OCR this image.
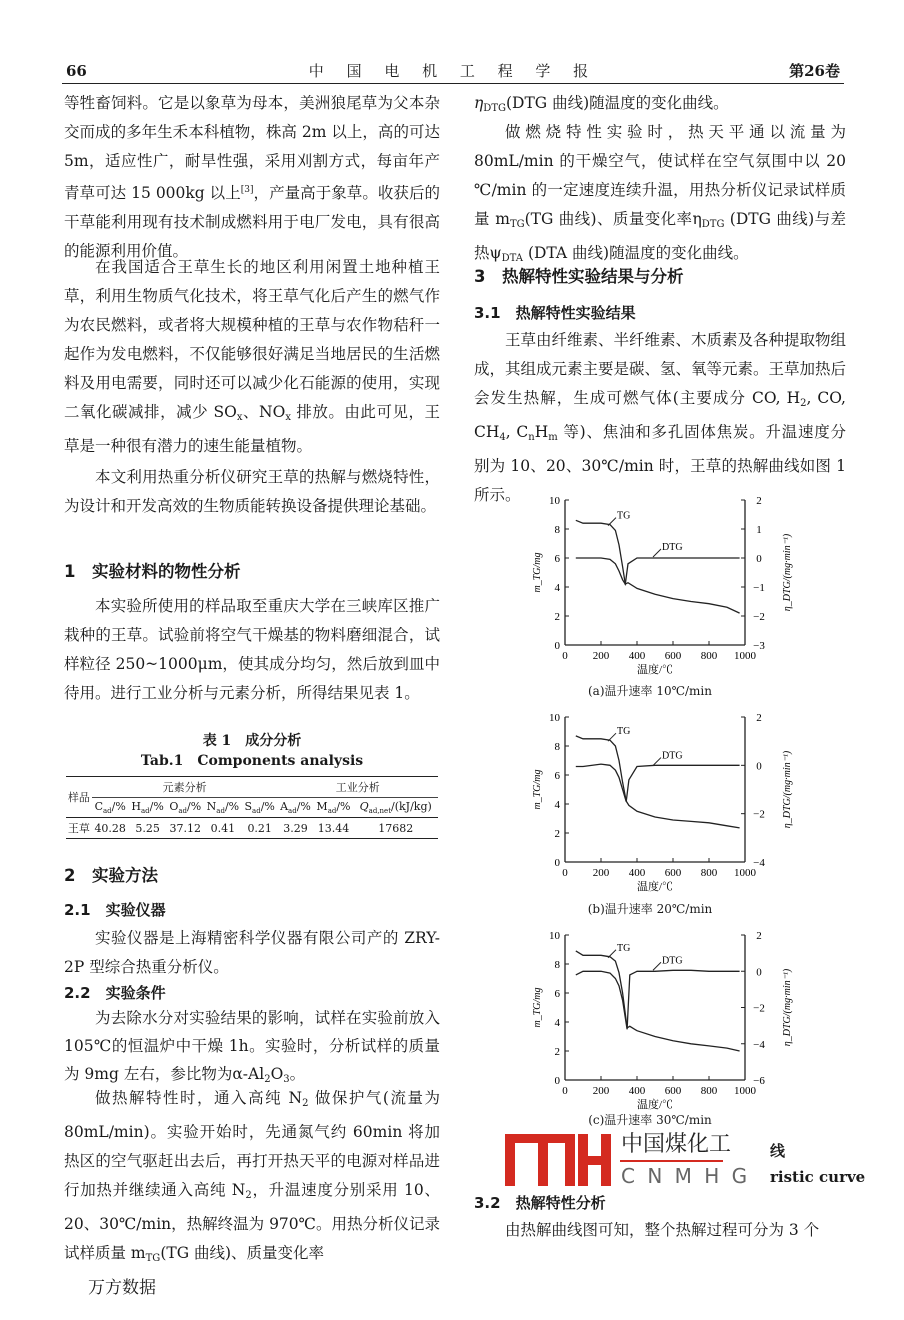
66	中 国 电 机 工 程 学 报	第26卷
等牲畜饲料。它是以象草为母本，美洲狼尾草为父本杂交而成的多年生禾本科植物，株高 2m 以上，高的可达 5m，适应性广，耐旱性强，采用刈割方式，每亩年产青草可达 15 000kg 以上[3]，产量高于象草。收获后的干草能利用现有技术制成燃料用于电厂发电，具有很高的能源利用价值。
在我国适合王草生长的地区利用闲置土地种植王草，利用生物质气化技术，将王草气化后产生的燃气作为农民燃料，或者将大规模种植的王草与农作物秸秆一起作为发电燃料，不仅能够很好满足当地居民的生活燃料及用电需要，同时还可以减少化石能源的使用，实现二氧化碳减排，减少 $SO_x$、$NO_x$ 排放。由此可见，王草是一种很有潜力的速生能量植物。
本文利用热重分析仪研究王草的热解与燃烧特性，为设计和开发高效的生物质能转换设备提供理论基础。
1　实验材料的物性分析
本实验所使用的样品取至重庆大学在三峡库区推广栽种的王草。试验前将空气干燥基的物料磨细混合，试样粒径 250~1000μm，使其成分均匀，然后放到皿中待用。进行工业分析与元素分析，所得结果见表 1。
表 1　成分分析
Tab.1　Components analysis
样品	元素分析					工业分析		
	$C_{ad}/\%$	$H_{ad}/\%$	$O_{ad}/\%$	$N_{ad}/\%$	$S_{ad}/\%$	$A_{ad}/\%$	$M_{ad}/\%$	$Q_{ad,net}/(kJ/kg)$
王草	40.28	5.25	37.12	0.41	0.21	3.29	13.44	17682
2　实验方法
2.1　实验仪器
实验仪器是上海精密科学仪器有限公司产的 ZRY-2P 型综合热重分析仪。
2.2　实验条件
为去除水分对实验结果的影响，试样在实验前放入 105℃的恒温炉中干燥 1h。实验时，分析试样的质量为 9mg 左右，参比物为$\alpha-Al_2O_3$。
做热解特性时，通入高纯 $N_2$ 做保护气(流量为 80mL/min)。实验开始时，先通氮气约 60min 将加热区的空气驱赶出去后，再打开热天平的电源对样品进行加热并继续通入高纯 $N_2$，升温速度分别采用 10、20、30℃/min，热解终温为 970℃。用热分析仪记录试样质量 $m_{TG}(TG$ 曲线)、质量变化率
$\eta_{DTG}(DTG$ 曲线)随温度的变化曲线。
做燃烧特性实验时，热天平通以流量为 80mL/min 的干燥空气，使试样在空气氛围中以 20 ℃/min 的一定速度连续升温，用热分析仪记录试样质量 $m_{TG}(TG$ 曲线)、质量变化率$\eta_{DTG}$ (DTG 曲线)与差热$\psi_{DTA}$ (DTA 曲线)随温度的变化曲线。
3　热解特性实验结果与分析
3.1　热解特性实验结果
王草由纤维素、半纤维素、木质素及各种提取物组成，其组成元素主要是碳、氢、氧等元素。王草加热后会发生热解，生成可燃气体(主要成分 CO, $H_2$, CO, $CH_4$, $C_nH_m$ 等)、焦油和多孔固体焦炭。升温速度分别为 10、20、30℃/min 时，王草的热解曲线如图 1 所示。
0 200 400 600 800 1000
0
2
4
6
8
10
−3
−2
−1
0
1
2
温度/℃
m_TG/mg	η_DTG/(mg·min⁻¹)
TG
DTG
(a)温升速率 10℃/min
0 200 400 600 800 1000
0
2
4
6
8
10
−4
−2
0
2
温度/℃
m_TG/mg	η_DTG/(mg·min⁻¹)
TG
DTG
(b)温升速率 20℃/min
0 200 400 600 800 1000
0
2
4
6
8
10
−6
−4
−2
0
2
温度/℃
m_TG/mg	η_DTG/(mg·min⁻¹)
TG
DTG
(c)温升速率 30℃/min
中国煤化工
C N M H G
线
ristic curve
3.2　热解特性分析
由热解曲线图可知，整个热解过程可分为 3 个
万方数据
